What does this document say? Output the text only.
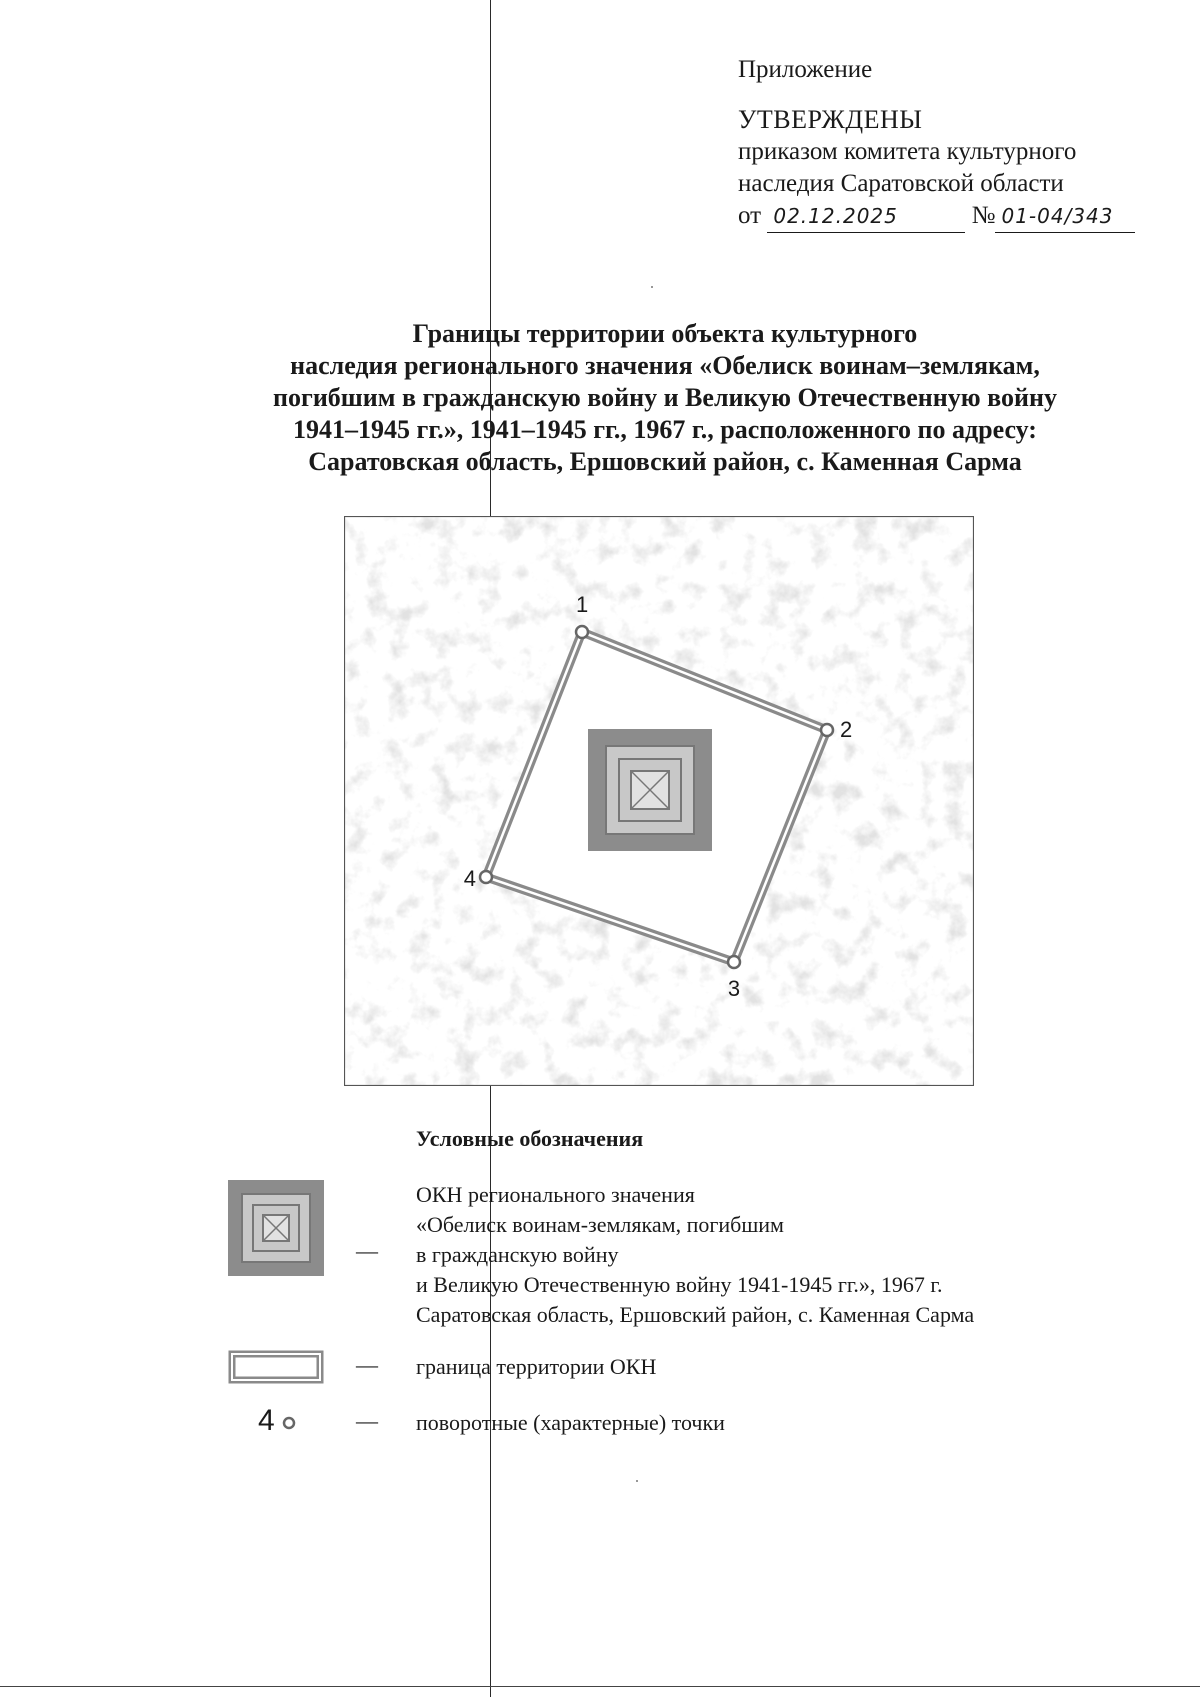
Приложение
УТВЕРЖДЕНЫ
приказом комитета культурного
наследия Саратовской области
от 02.12.2025	№ 01-04/343
Границы территории объекта культурного
наследия регионального значения «Обелиск воинам–землякам,
погибшим в гражданскую войну и Великую Отечественную войну
1941–1945 гг.», 1941–1945 гг., 1967 г., расположенного по адресу:
Саратовская область, Ершовский район, с. Каменная Сарма
1
2
3
4
Условные обозначения
—
ОКН регионального значения
«Обелиск воинам-землякам, погибшим
в гражданскую войну
и Великую Отечественную войну 1941-1945 гг.», 1967 г.
Саратовская область, Ершовский район, с. Каменная Сарма
— граница территории ОКН
4	— поворотные (характерные) точки
